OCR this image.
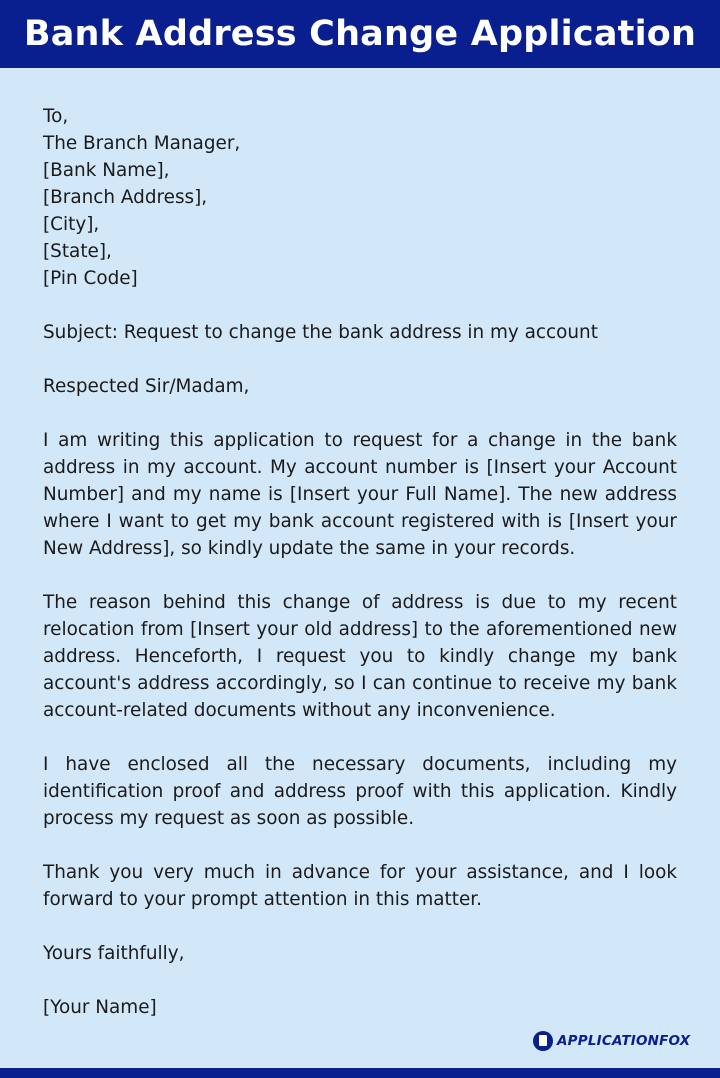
Bank Address Change Application
To,
The Branch Manager,
[Bank Name],
[Branch Address],
[City],
[State],
[Pin Code]
Subject: Request to change the bank address in my account
Respected Sir/Madam,
I am writing this application to request for a change in the bank address in my account. My account number is [Insert your Account Number] and my name is [Insert your Full Name]. The new address where I want to get my bank account registered with is [Insert your New Address], so kindly update the same in your records.
The reason behind this change of address is due to my recent relocation from [Insert your old address] to the aforementioned new address. Henceforth, I request you to kindly change my bank account's address accordingly, so I can continue to receive my bank account-related documents without any inconvenience.
I have enclosed all the necessary documents, including my identification proof and address proof with this application. Kindly process my request as soon as possible.
Thank you very much in advance for your assistance, and I look forward to your prompt attention in this matter.
Yours faithfully,
[Your Name]
APPLICATIONFOX
